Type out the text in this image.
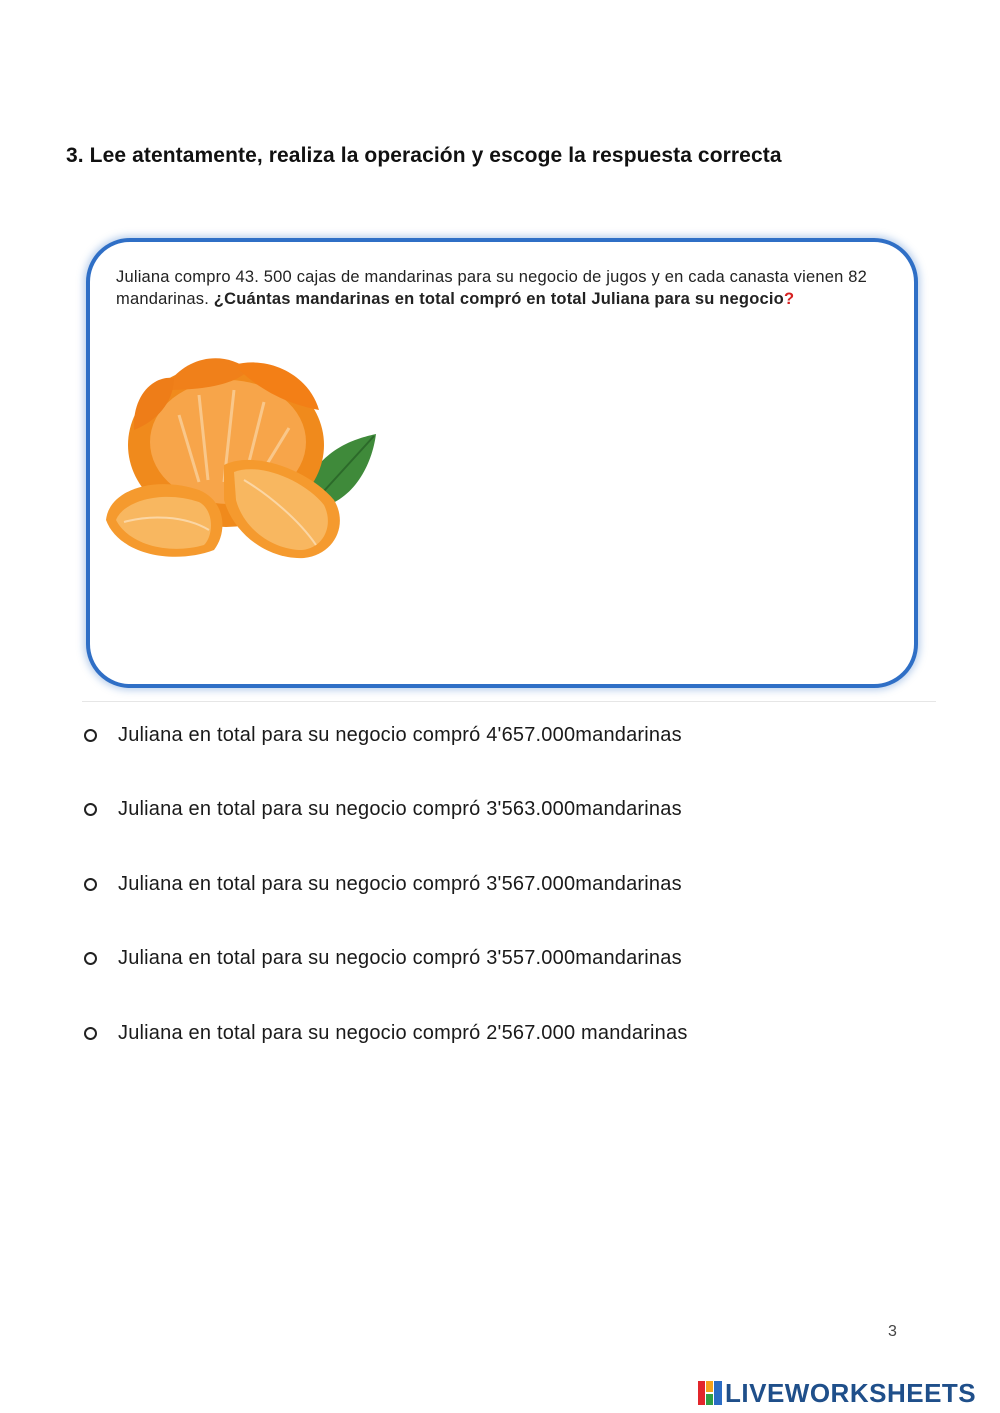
3. Lee atentamente, realiza la operación y escoge la respuesta correcta
Juliana compro 43. 500 cajas de mandarinas para su negocio de jugos y en cada canasta vienen 82 mandarinas. ¿Cuántas mandarinas en total compró en total Juliana para su negocio?
Juliana en total para su negocio compró 4'657.000mandarinas
Juliana en total para su negocio compró 3'563.000mandarinas
Juliana en total para su negocio compró 3'567.000mandarinas
Juliana en total para su negocio compró 3'557.000mandarinas
Juliana en total para su negocio compró 2'567.000 mandarinas
3
LIVEWORKSHEETS
